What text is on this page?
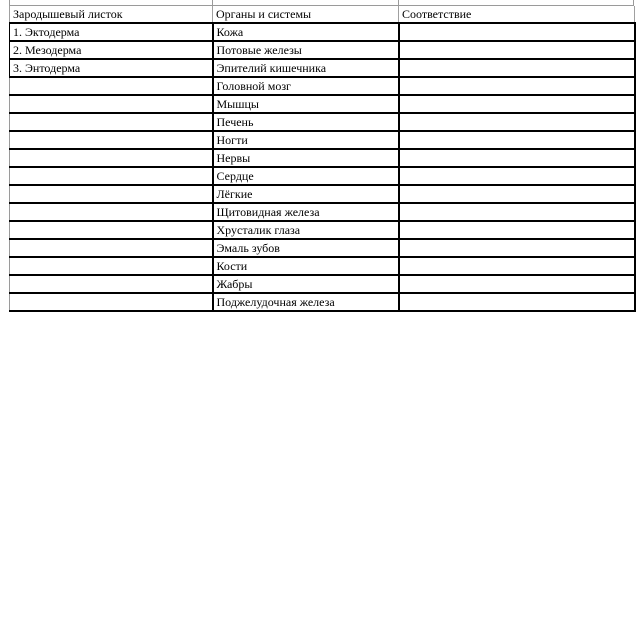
Зародышевый листок	Органы и системы	Соответствие
1. Эктодерма	Кожа	
2. Мезодерма	Потовые железы	
3. Энтодерма	Эпителий кишечника	
	Головной мозг	
	Мышцы	
	Печень	
	Ногти	
	Нервы	
	Сердце	
	Лёгкие	
	Щитовидная железа	
	Хрусталик глаза	
	Эмаль зубов	
	Кости	
	Жабры	
	Поджелудочная железа	
